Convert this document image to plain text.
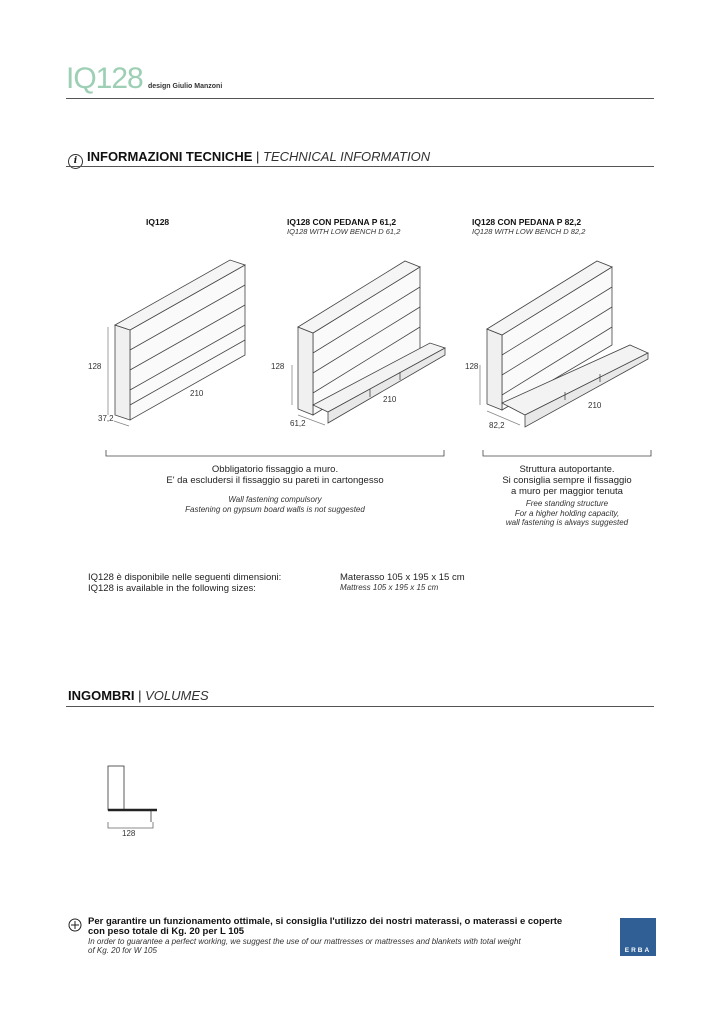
IQ128 design Giulio Manzoni
i INFORMAZIONI TECNICHE | TECHNICAL INFORMATION
IQ128	IQ128 CON PEDANA P 61,2
IQ128 WITH LOW BENCH D 61,2
IQ128 CON PEDANA P 82,2
IQ128 WITH LOW BENCH D 82,2
128
210
37,2
128
210
61,2
128
210
82,2
Obbligatorio fissaggio a muro.
E' da escludersi il fissaggio su pareti in cartongesso
Wall fastening compulsory
Fastening on gypsum board walls is not suggested
Struttura autoportante.
Si consiglia sempre il fissaggio
a muro per maggior tenuta
Free standing structure
For a higher holding capacity,
wall fastening is always suggested
IQ128 è disponibile nelle seguenti dimensioni:
IQ128 is available in the following sizes:
Materasso 105 x 195 x 15 cm
Mattress 105 x 195 x 15 cm
INGOMBRI | VOLUMES
128
Per garantire un funzionamento ottimale, si consiglia l'utilizzo dei nostri materassi, o materassi e coperte
con peso totale di Kg. 20 per L 105
In order to guarantee a perfect working, we suggest the use of our mattresses or mattresses and blankets with total weight
of Kg. 20 for W 105	ERBA
